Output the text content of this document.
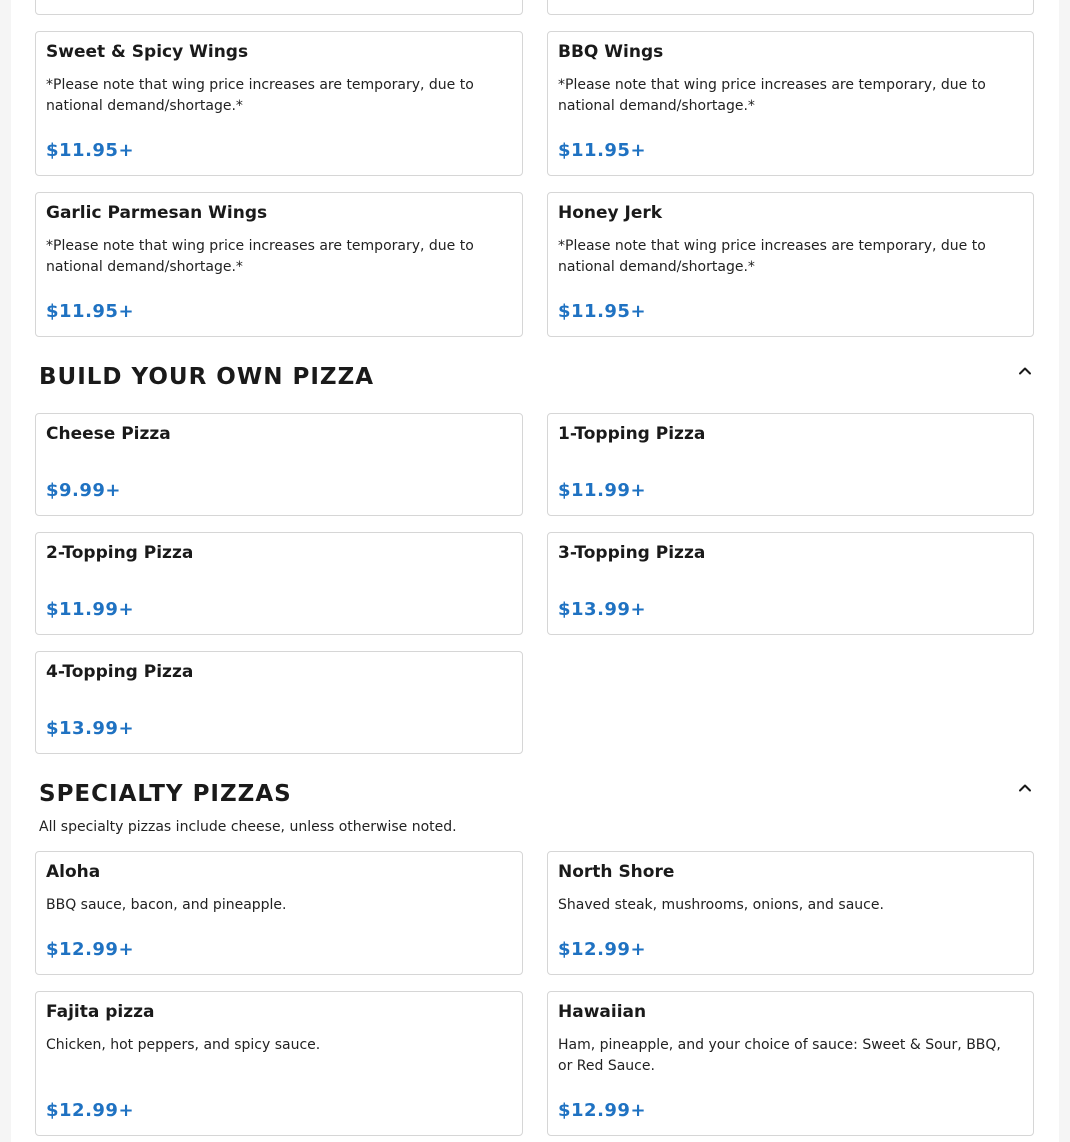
Sweet & Spicy Wings
*Please note that wing price increases are temporary, due to national demand/shortage.*
$11.95+
BBQ Wings
*Please note that wing price increases are temporary, due to national demand/shortage.*
$11.95+
Garlic Parmesan Wings
*Please note that wing price increases are temporary, due to national demand/shortage.*
$11.95+
Honey Jerk
*Please note that wing price increases are temporary, due to national demand/shortage.*
$11.95+
BUILD YOUR OWN PIZZA
Cheese Pizza
$9.99+
1-Topping Pizza
$11.99+
2-Topping Pizza
$11.99+
3-Topping Pizza
$13.99+
4-Topping Pizza
$13.99+
SPECIALTY PIZZAS
All specialty pizzas include cheese, unless otherwise noted.
Aloha
BBQ sauce, bacon, and pineapple.
$12.99+
North Shore
Shaved steak, mushrooms, onions, and sauce.
$12.99+
Fajita pizza
Chicken, hot peppers, and spicy sauce.
$12.99+
Hawaiian
Ham, pineapple, and your choice of sauce: Sweet & Sour, BBQ, or Red Sauce.
$12.99+
